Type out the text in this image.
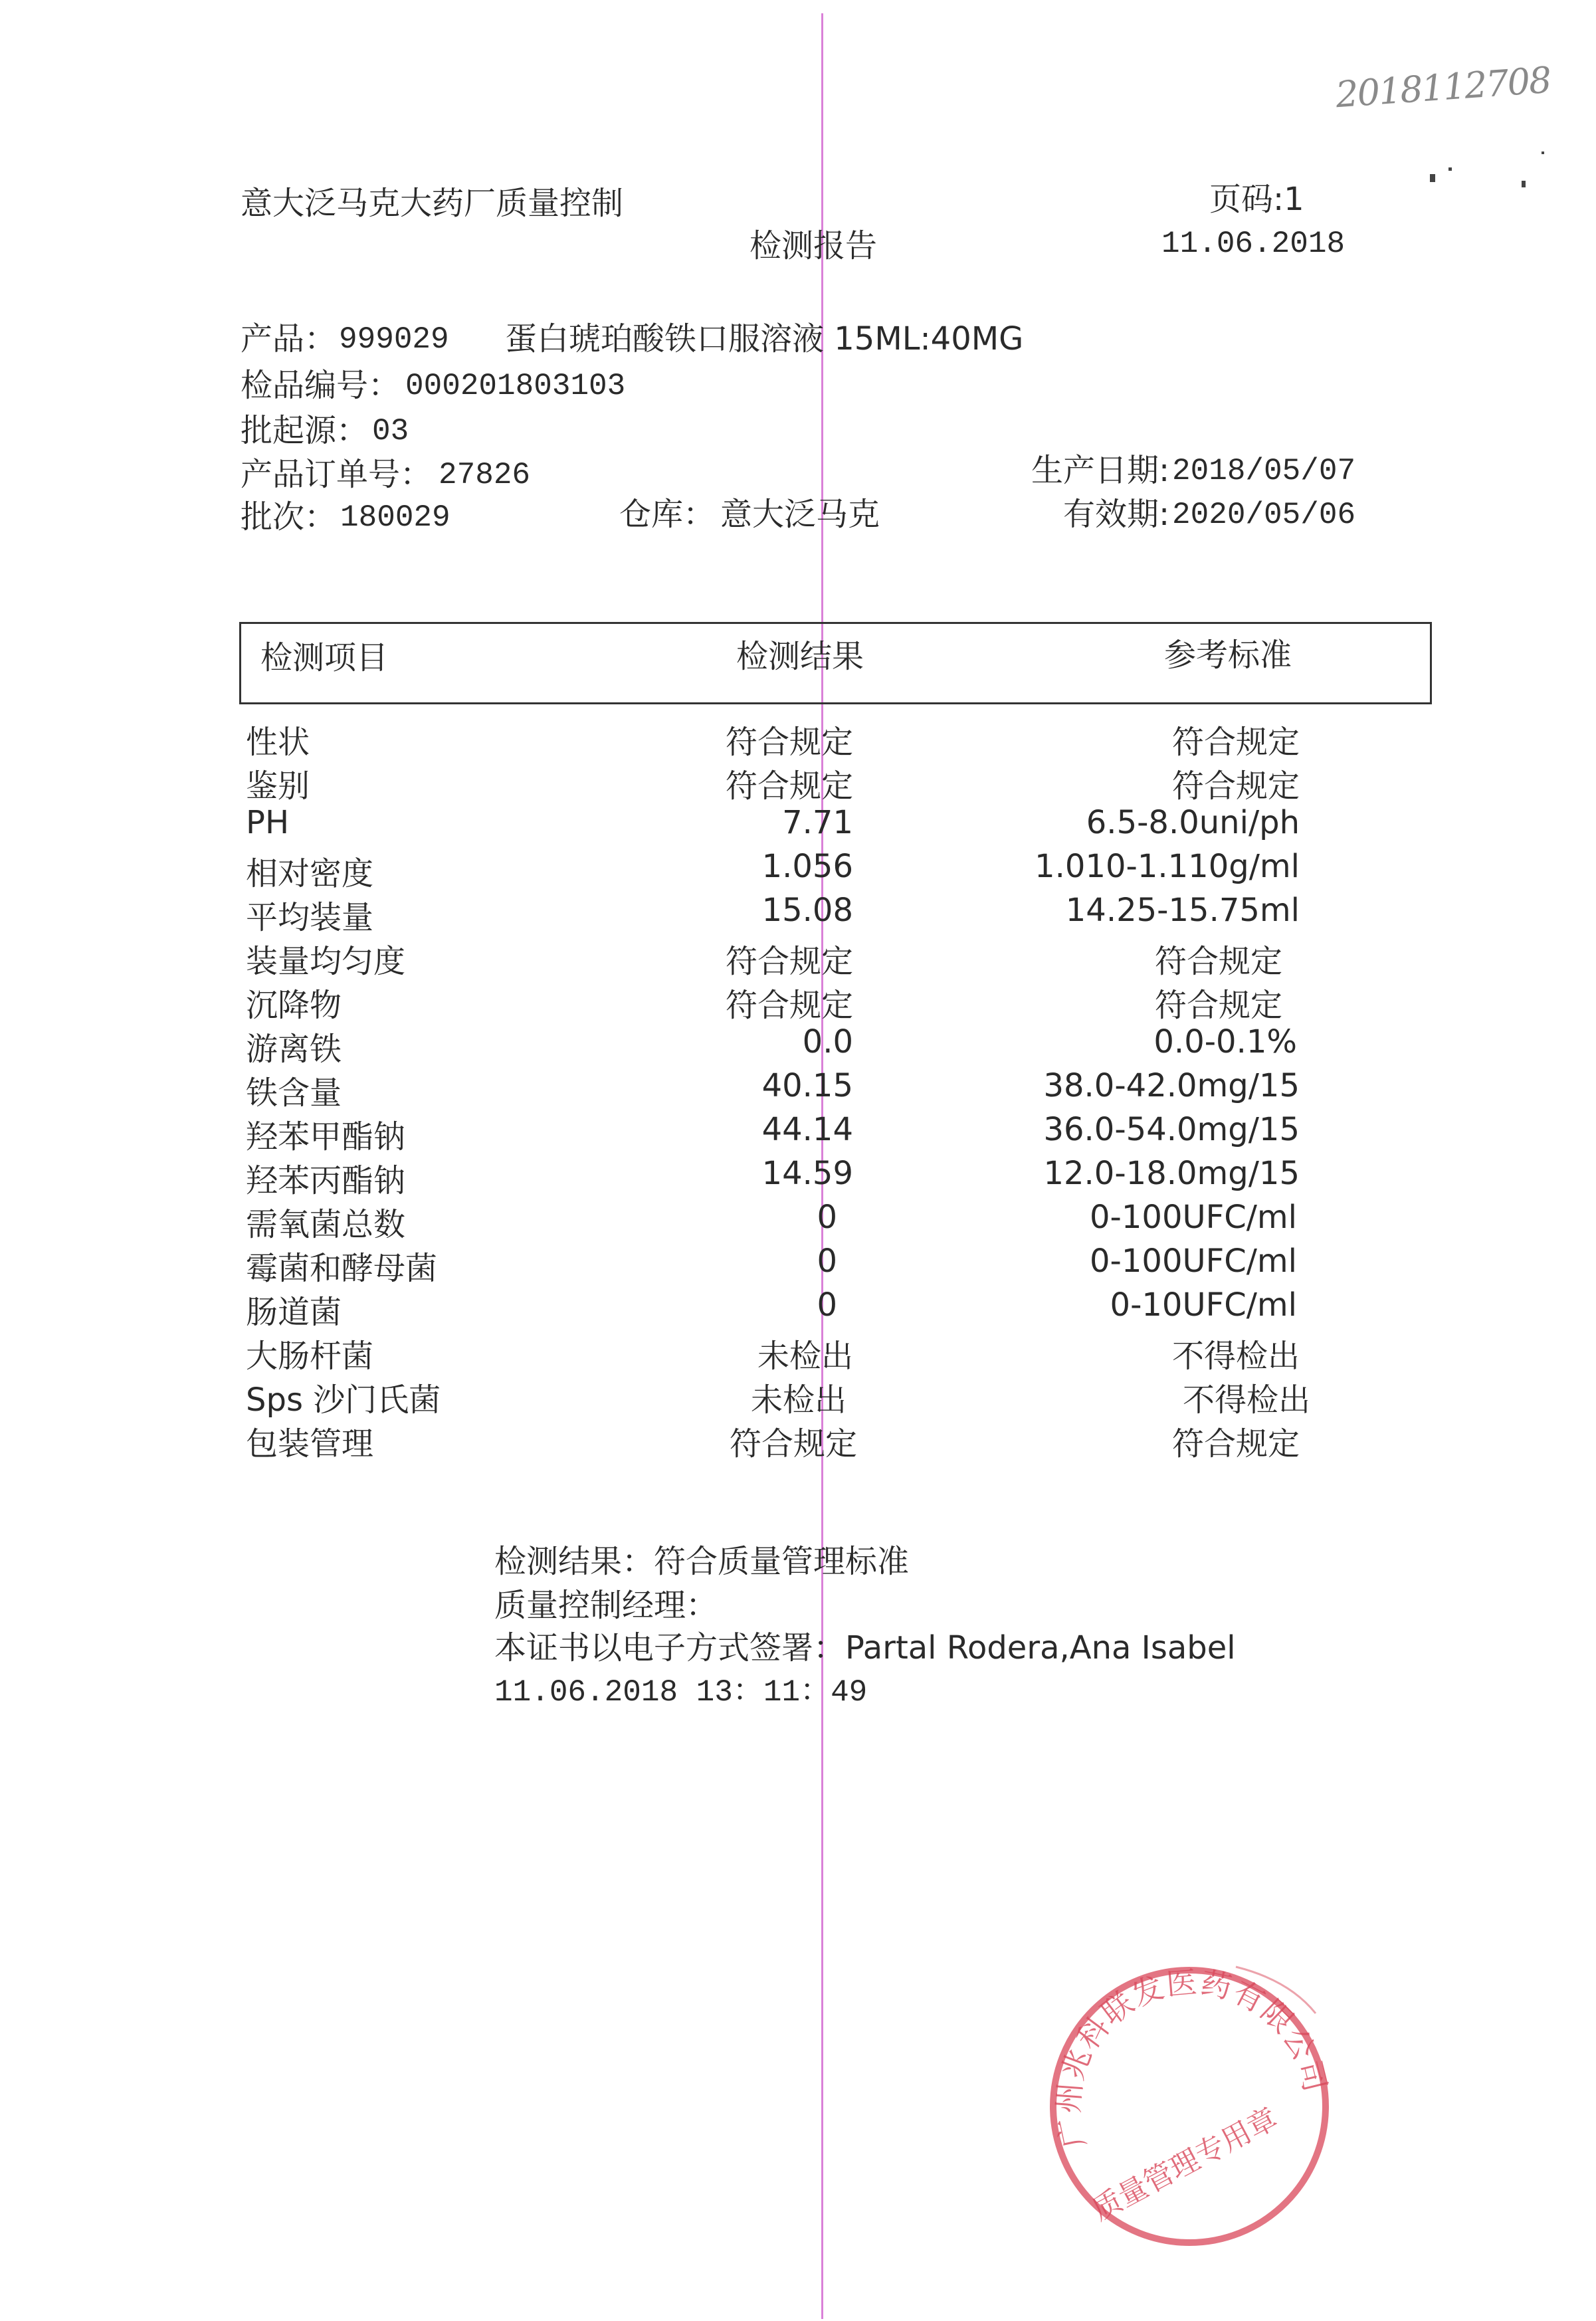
2018112708
意大泛马克大药厂质量控制	页码:1
检测报告	11.06.2018
产品： 999029 蛋白琥珀酸铁口服溶液 15ML:40MG
检品编号： 000201803103
批起源： 03
产品订单号： 27826	生产日期: 2018/05/07
批次： 180029	仓库： 意大泛马克	有效期: 2020/05/06
检测项目	检测结果	参考标准
性状	符合规定	符合规定
鉴别	符合规定	符合规定
PH	7.71	6.5-8.0uni/ph
相对密度	1.056	1.010-1.110g/ml
平均装量	15.08	14.25-15.75ml
装量均匀度	符合规定	符合规定
沉降物	符合规定	符合规定
游离铁	0.0	0.0-0.1%
铁含量	40.15	38.0-42.0mg/15
羟苯甲酯钠	44.14	36.0-54.0mg/15
羟苯丙酯钠	14.59	12.0-18.0mg/15
需氧菌总数	0	0-100UFC/ml
霉菌和酵母菌	0	0-100UFC/ml
肠道菌	0	0-10UFC/ml
大肠杆菌	未检出	不得检出
Sps 沙门氏菌	未检出	不得检出
包装管理	符合规定	符合规定
检测结果：符合质量管理标准
质量控制经理：
本证书以电子方式签署：Partal Rodera,Ana Isabel
11.06.2018 13：11：49
广州兆科联发医药有限公司
质量管理专用章
